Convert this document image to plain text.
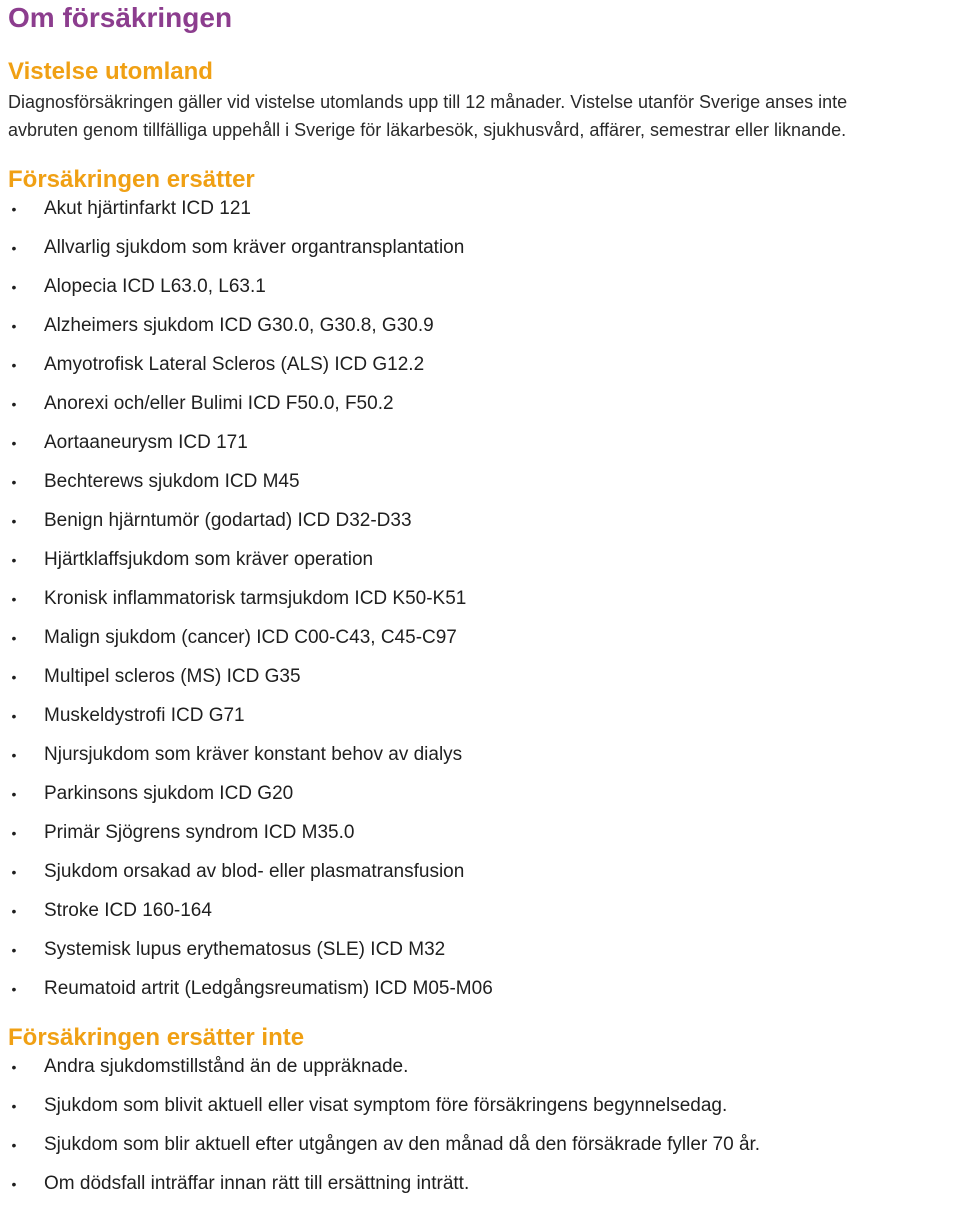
Om försäkringen
Vistelse utomland

Diagnosförsäkringen gäller vid vistelse utomlands upp till 12 månader. Vistelse utanför Sverige anses inte

avbruten genom tillfälliga uppehåll i Sverige för läkarbesök, sjukhusvård, affärer, semestrar eller liknande.

Försäkringen ersätter
• Akut hjärtinfarkt ICD 121
• Allvarlig sjukdom som kräver organtransplantation
• Alopecia ICD L63.0, L63.1
• Alzheimers sjukdom ICD G30.0, G30.8, G30.9
• Amyotrofisk Lateral Scleros (ALS) ICD G12.2
• Anorexi och/eller Bulimi ICD F50.0, F50.2
• Aortaaneurysm ICD 171
• Bechterews sjukdom ICD M45
• Benign hjärntumör (godartad) ICD D32-D33
• Hjärtklaffsjukdom som kräver operation
• Kronisk inflammatorisk tarmsjukdom ICD K50-K51
• Malign sjukdom (cancer) ICD C00-C43, C45-C97
• Multipel scleros (MS) ICD G35
• Muskeldystrofi ICD G71
• Njursjukdom som kräver konstant behov av dialys
• Parkinsons sjukdom ICD G20
• Primär Sjögrens syndrom ICD M35.0
• Sjukdom orsakad av blod- eller plasmatransfusion
• Stroke ICD 160-164
• Systemisk lupus erythematosus (SLE) ICD M32
• Reumatoid artrit (Ledgångsreumatism) ICD M05-M06
Försäkringen ersätter inte
• Andra sjukdomstillstånd än de uppräknade.
• Sjukdom som blivit aktuell eller visat symptom före försäkringens begynnelsedag.
• Sjukdom som blir aktuell efter utgången av den månad då den försäkrade fyller 70 år.
• Om dödsfall inträffar innan rätt till ersättning inträtt.
